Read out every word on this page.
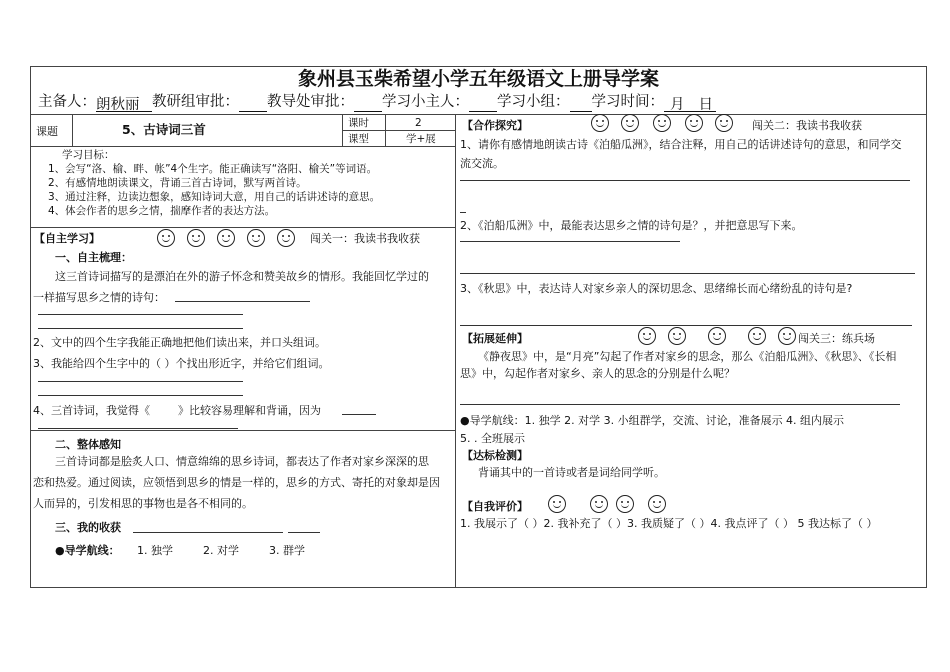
象州县玉柴希望小学五年级语文上册导学案
主备人：朗秋丽 教研组审批： 教导处审批： 学习小主人： 学习小组： 学习时间： 月 日
课题	5、古诗词三首	课时	2
课型	学+展
学习目标：
1、会写“洛、榆、畔、帐”4个生字。能正确读写“洛阳、榆关”等词语。
2、有感情地朗读课文，背诵三首古诗词，默写两首诗。
3、通过注释，边读边想象，感知诗词大意，用自己的话讲述诗的意思。
4、体会作者的思乡之情，揣摩作者的表达方法。
【自主学习】	闯关一：我读书我收获
一、自主梳理：
这三首诗词描写的是漂泊在外的游子怀念和赞美故乡的情形。我能回忆学过的
一样描写思乡之情的诗句：
2、文中的四个生字我能正确地把他们读出来，并口头组词。
3、我能给四个生字中的（ ）个找出形近字，并给它们组词。
4、三首诗词，我觉得《	》比较容易理解和背诵，因为
二、整体感知
三首诗词都是脍炙人口、情意绵绵的思乡诗词，都表达了作者对家乡深深的思
恋和热爱。通过阅读，应领悟到思乡的情是一样的，思乡的方式、寄托的对象却是因
人而异的，引发相思的事物也是各不相同的。
三、我的收获
●导学航线： 1. 独学	2. 对学	3. 群学
【合作探究】	闯关二：我读书我收获
1、请你有感情地朗读古诗《泊船瓜洲》，结合注释，用自己的话讲述诗句的意思，和同学交
流交流。
2、《泊船瓜洲》中，最能表达思乡之情的诗句是？，并把意思写下来。
3、《秋思》中，表达诗人对家乡亲人的深切思念、思绪绵长而心绪纷乱的诗句是?
【拓展延伸】	闯关三：练兵场
《静夜思》中，是“月亮”勾起了作者对家乡的思念，那么《泊船瓜洲》、《秋思》、《长相
思》中，勾起作者对家乡、亲人的思念的分别是什么呢？
●导学航线：1. 独学 2. 对学 3. 小组群学，交流、讨论，准备展示 4. 组内展示
5. . 全班展示
【达标检测】
背诵其中的一首诗或者是词给同学听。
【自我评价】
1. 我展示了（ ）2. 我补充了（ ）3. 我质疑了（ ）4. 我点评了（ ） 5 我达标了（ ）
